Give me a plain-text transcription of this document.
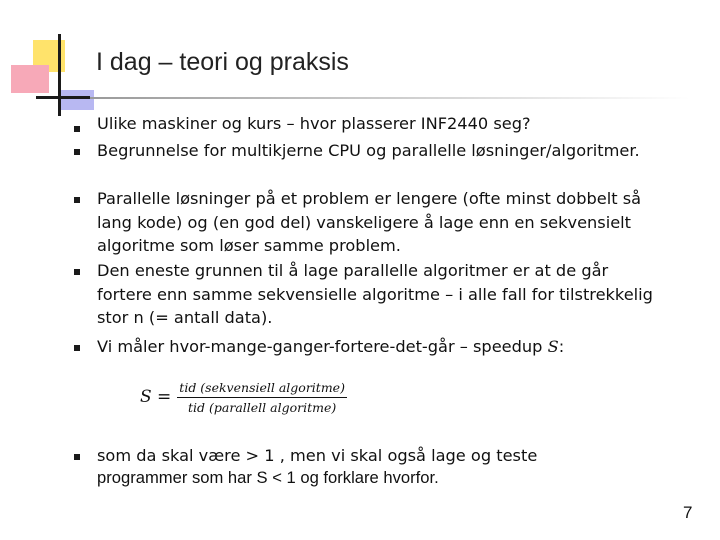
I dag – teori og praksis
Ulike maskiner og kurs – hvor plasserer INF2440 seg?
Begrunnelse for multikjerne CPU og parallelle løsninger/algoritmer.
Parallelle løsninger på et problem er lengere (ofte minst dobbelt så lang kode) og (en god del) vanskeligere å lage enn en sekvensielt algoritme som løser samme problem.
Den eneste grunnen til å lage parallelle algoritmer er at de går fortere enn samme sekvensielle algoritme – i alle fall for tilstrekkelig stor n (= antall data).
Vi måler hvor-mange-ganger-fortere-det-går – speedup S:
som da skal være > 1 , men vi skal også lage og teste
$S = \frac{\text{tid (sekvensiell algoritme)}}{\text{tid (parallell algoritme)}}$
programmer som har S < 1 og forklare hvorfor.
7
